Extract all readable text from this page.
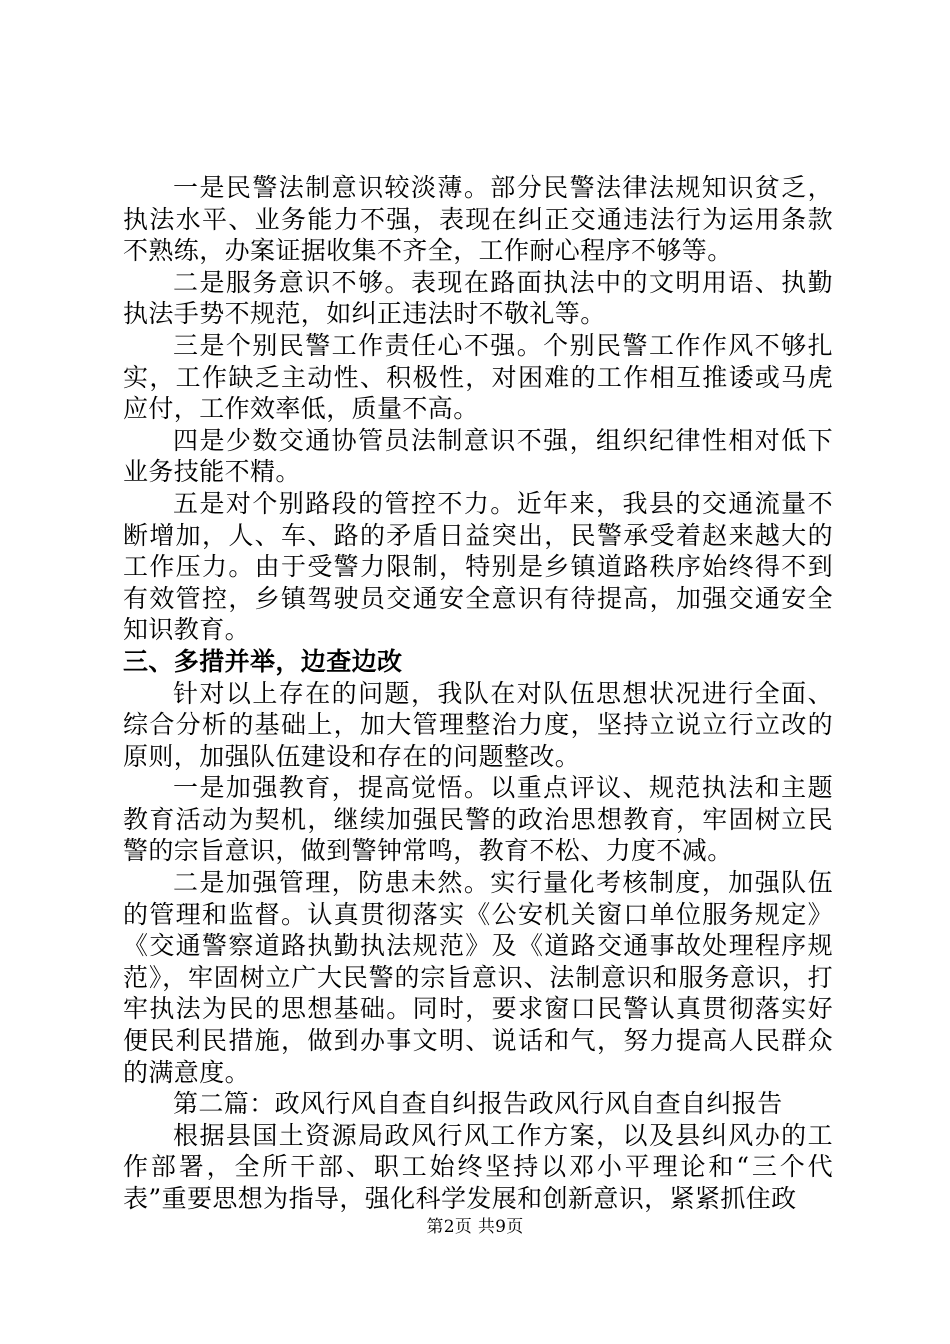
一是民警法制意识较淡薄。部分民警法律法规知识贫乏，执法水平、业务能力不强，表现在纠正交通违法行为运用条款不熟练，办案证据收集不齐全，工作耐心程序不够等。

二是服务意识不够。表现在路面执法中的文明用语、执勤执法手势不规范，如纠正违法时不敬礼等。

三是个别民警工作责任心不强。个别民警工作作风不够扎实，工作缺乏主动性、积极性，对困难的工作相互推诿或马虎应付，工作效率低，质量不高。

四是少数交通协管员法制意识不强，组织纪律性相对低下业务技能不精。

五是对个别路段的管控不力。近年来，我县的交通流量不断增加，人、车、路的矛盾日益突出，民警承受着赵来越大的工作压力。由于受警力限制，特别是乡镇道路秩序始终得不到有效管控，乡镇驾驶员交通安全意识有待提高，加强交通安全知识教育。

三、多措并举，边查边改

针对以上存在的问题，我队在对队伍思想状况进行全面、综合分析的基础上，加大管理整治力度，坚持立说立行立改的原则，加强队伍建设和存在的问题整改。

一是加强教育，提高觉悟。以重点评议、规范执法和主题教育活动为契机，继续加强民警的政治思想教育，牢固树立民警的宗旨意识，做到警钟常鸣，教育不松、力度不减。

二是加强管理，防患未然。实行量化考核制度，加强队伍的管理和监督。认真贯彻落实《公安机关窗口单位服务规定》《交通警察道路执勤执法规范》及《道路交通事故处理程序规范》，牢固树立广大民警的宗旨意识、法制意识和服务意识，打牢执法为民的思想基础。同时，要求窗口民警认真贯彻落实好便民利民措施，做到办事文明、说话和气，努力提高人民群众的满意度。

第二篇：政风行风自查自纠报告政风行风自查自纠报告

根据县国土资源局政风行风工作方案，以及县纠风办的工作部署，全所干部、职工始终坚持以邓小平理论和“三个代表”重要思想为指导，强化科学发展和创新意识，紧紧抓住政

第2页 共9页
